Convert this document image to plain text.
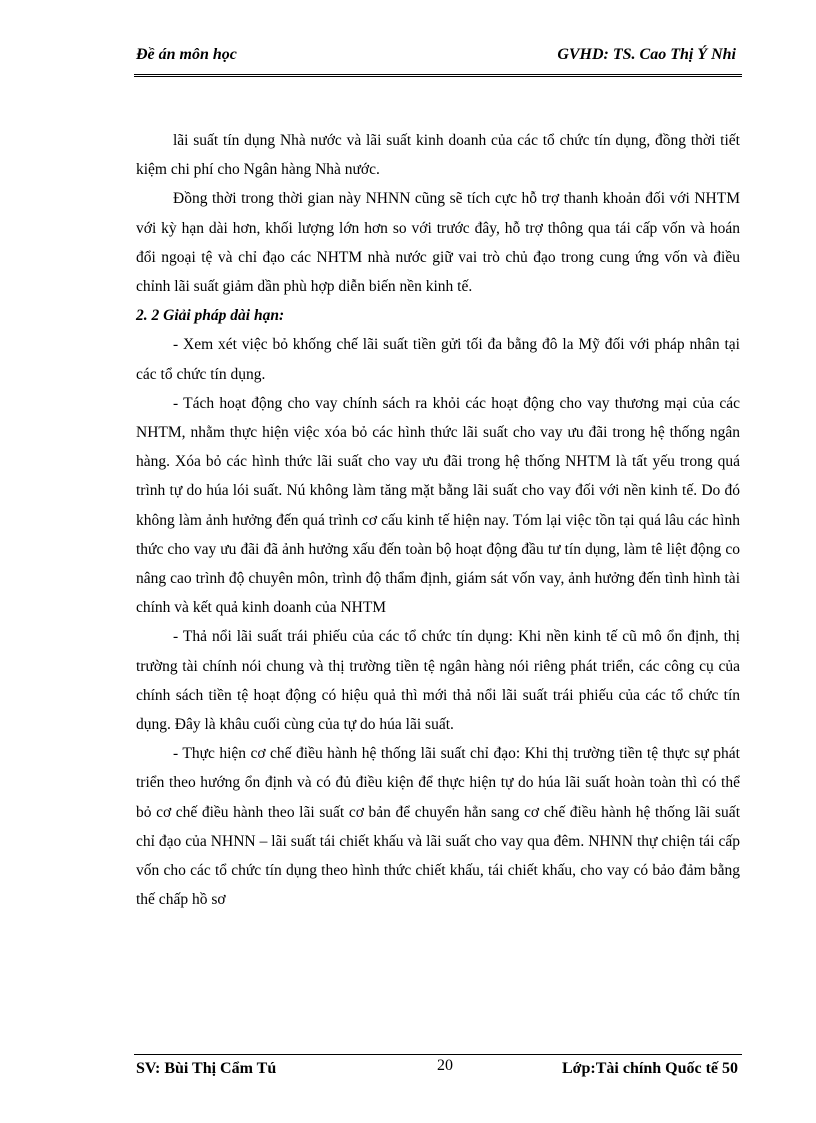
Đề án môn học	GVHD: TS. Cao Thị Ý Nhi

lãi suất tín dụng Nhà nước và lãi suất kinh doanh của các tổ chức tín dụng, đồng thời tiết kiệm chi phí cho Ngân hàng Nhà nước.

Đồng thời trong thời gian này NHNN cũng sẽ tích cực hỗ trợ thanh khoản đối với NHTM với kỳ hạn dài hơn, khối lượng lớn hơn so với trước đây, hỗ trợ thông qua tái cấp vốn và hoán đổi ngoại tệ và chỉ đạo các NHTM nhà nước giữ vai trò chủ đạo trong cung ứng vốn và điều chỉnh lãi suất giảm dần phù hợp diễn biến nền kinh tế.

2. 2 Giải pháp dài hạn:

- Xem xét việc bỏ khống chế lãi suất tiền gửi tối đa bằng đô la Mỹ đối với pháp nhân tại các tổ chức tín dụng.

- Tách hoạt động cho vay chính sách ra khỏi các hoạt động cho vay thương mại của các NHTM, nhằm thực hiện việc xóa bỏ các hình thức lãi suất cho vay ưu đãi trong hệ thống ngân hàng. Xóa bỏ các hình thức lãi suất cho vay ưu đãi trong hệ thống NHTM là tất yếu trong quá trình tự do húa lói suất. Nú không làm tăng mặt bằng lãi suất cho vay đối với nền kinh tế. Do đó không làm ảnh hưởng đến quá trình cơ cấu kinh tế hiện nay. Tóm lại việc tồn tại quá lâu các hình thức cho vay ưu đãi đã ảnh hưởng xấu đến toàn bộ hoạt động đầu tư tín dụng, làm tê liệt động co nâng cao trình độ chuyên môn, trình độ thẩm định, giám sát vốn vay, ảnh hưởng đến tình hình tài chính và kết quả kinh doanh của NHTM

- Thả nổi lãi suất trái phiếu của các tổ chức tín dụng: Khi nền kinh tế cũ mô ổn định, thị trường tài chính nói chung và thị trường tiền tệ ngân hàng nói riêng phát triển, các công cụ của chính sách tiền tệ hoạt động có hiệu quả thì mới thả nổi lãi suất trái phiếu của các tổ chức tín dụng. Đây là khâu cuối cùng của tự do húa lãi suất.

- Thực hiện cơ chế điều hành hệ thống lãi suất chỉ đạo: Khi thị trường tiền tệ thực sự phát triển theo hướng ổn định và có đủ điều kiện để thực hiện tự do húa lãi suất hoàn toàn thì có thể bỏ cơ chế điều hành theo lãi suất cơ bản để chuyển hẳn sang cơ chế điều hành hệ thống lãi suất chỉ đạo của NHNN – lãi suất tái chiết khấu và lãi suất cho vay qua đêm. NHNN thự chiện tái cấp vốn cho các tổ chức tín dụng theo hình thức chiết khấu, tái chiết khấu, cho vay có bảo đảm bằng thế chấp hồ sơ

SV: Bùi Thị Cẩm Tú	20	Lớp:Tài chính Quốc tế 50
